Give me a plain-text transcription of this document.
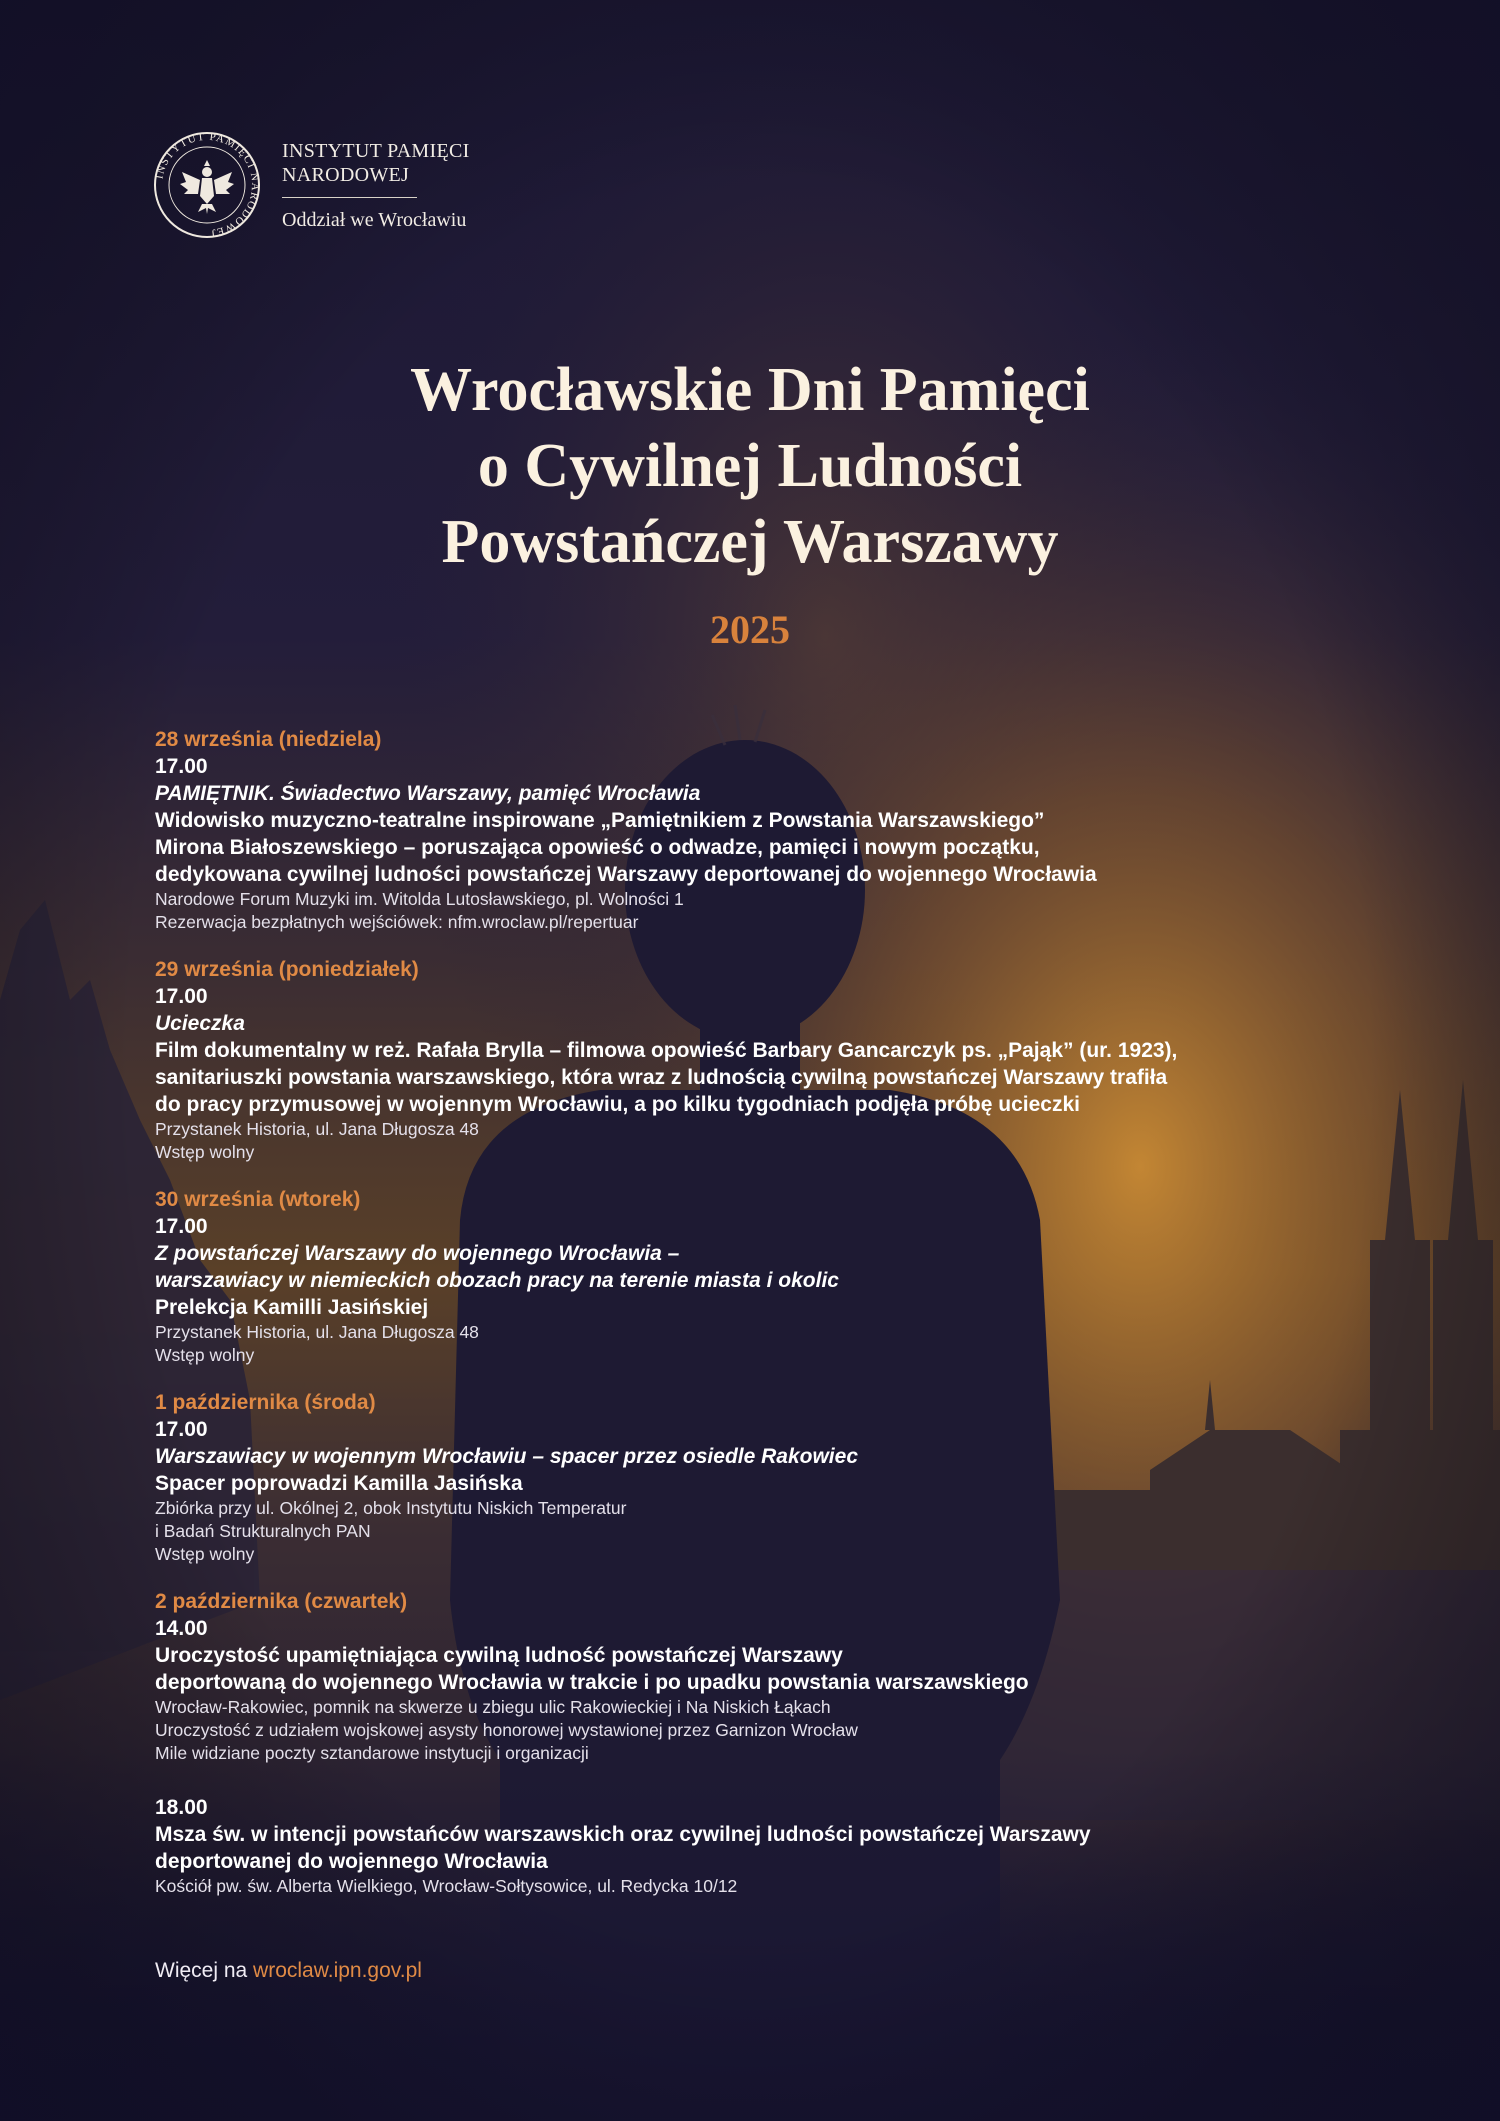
INSTYTUT PAMIĘCI NARODOWEJ
INSTYTUT PAMIĘCI
NARODOWEJ
Oddział we Wrocławiu
Wrocławskie Dni Pamięci
o Cywilnej Ludności
Powstańczej Warszawy
2025
28 września (niedziela)
17.00
PAMIĘTNIK. Świadectwo Warszawy, pamięć Wrocławia
Widowisko muzyczno-teatralne inspirowane „Pamiętnikiem z Powstania Warszawskiego”
Mirona Białoszewskiego – poruszająca opowieść o odwadze, pamięci i nowym początku,
dedykowana cywilnej ludności powstańczej Warszawy deportowanej do wojennego Wrocławia
Narodowe Forum Muzyki im. Witolda Lutosławskiego, pl. Wolności 1
Rezerwacja bezpłatnych wejściówek: nfm.wroclaw.pl/repertuar
29 września (poniedziałek)
17.00
Ucieczka
Film dokumentalny w reż. Rafała Brylla – filmowa opowieść Barbary Gancarczyk ps. „Pająk” (ur. 1923),
sanitariuszki powstania warszawskiego, która wraz z ludnością cywilną powstańczej Warszawy trafiła
do pracy przymusowej w wojennym Wrocławiu, a po kilku tygodniach podjęła próbę ucieczki
Przystanek Historia, ul. Jana Długosza 48
Wstęp wolny
30 września (wtorek)
17.00
Z powstańczej Warszawy do wojennego Wrocławia –
warszawiacy w niemieckich obozach pracy na terenie miasta i okolic
Prelekcja Kamilli Jasińskiej
Przystanek Historia, ul. Jana Długosza 48
Wstęp wolny
1 października (środa)
17.00
Warszawiacy w wojennym Wrocławiu – spacer przez osiedle Rakowiec
Spacer poprowadzi Kamilla Jasińska
Zbiórka przy ul. Okólnej 2, obok Instytutu Niskich Temperatur
i Badań Strukturalnych PAN
Wstęp wolny
2 października (czwartek)
14.00
Uroczystość upamiętniająca cywilną ludność powstańczej Warszawy
deportowaną do wojennego Wrocławia w trakcie i po upadku powstania warszawskiego
Wrocław-Rakowiec, pomnik na skwerze u zbiegu ulic Rakowieckiej i Na Niskich Łąkach
Uroczystość z udziałem wojskowej asysty honorowej wystawionej przez Garnizon Wrocław
Mile widziane poczty sztandarowe instytucji i organizacji
18.00
Msza św. w intencji powstańców warszawskich oraz cywilnej ludności powstańczej Warszawy
deportowanej do wojennego Wrocławia
Kościół pw. św. Alberta Wielkiego, Wrocław-Sołtysowice, ul. Redycka 10/12
Więcej na wroclaw.ipn.gov.pl
